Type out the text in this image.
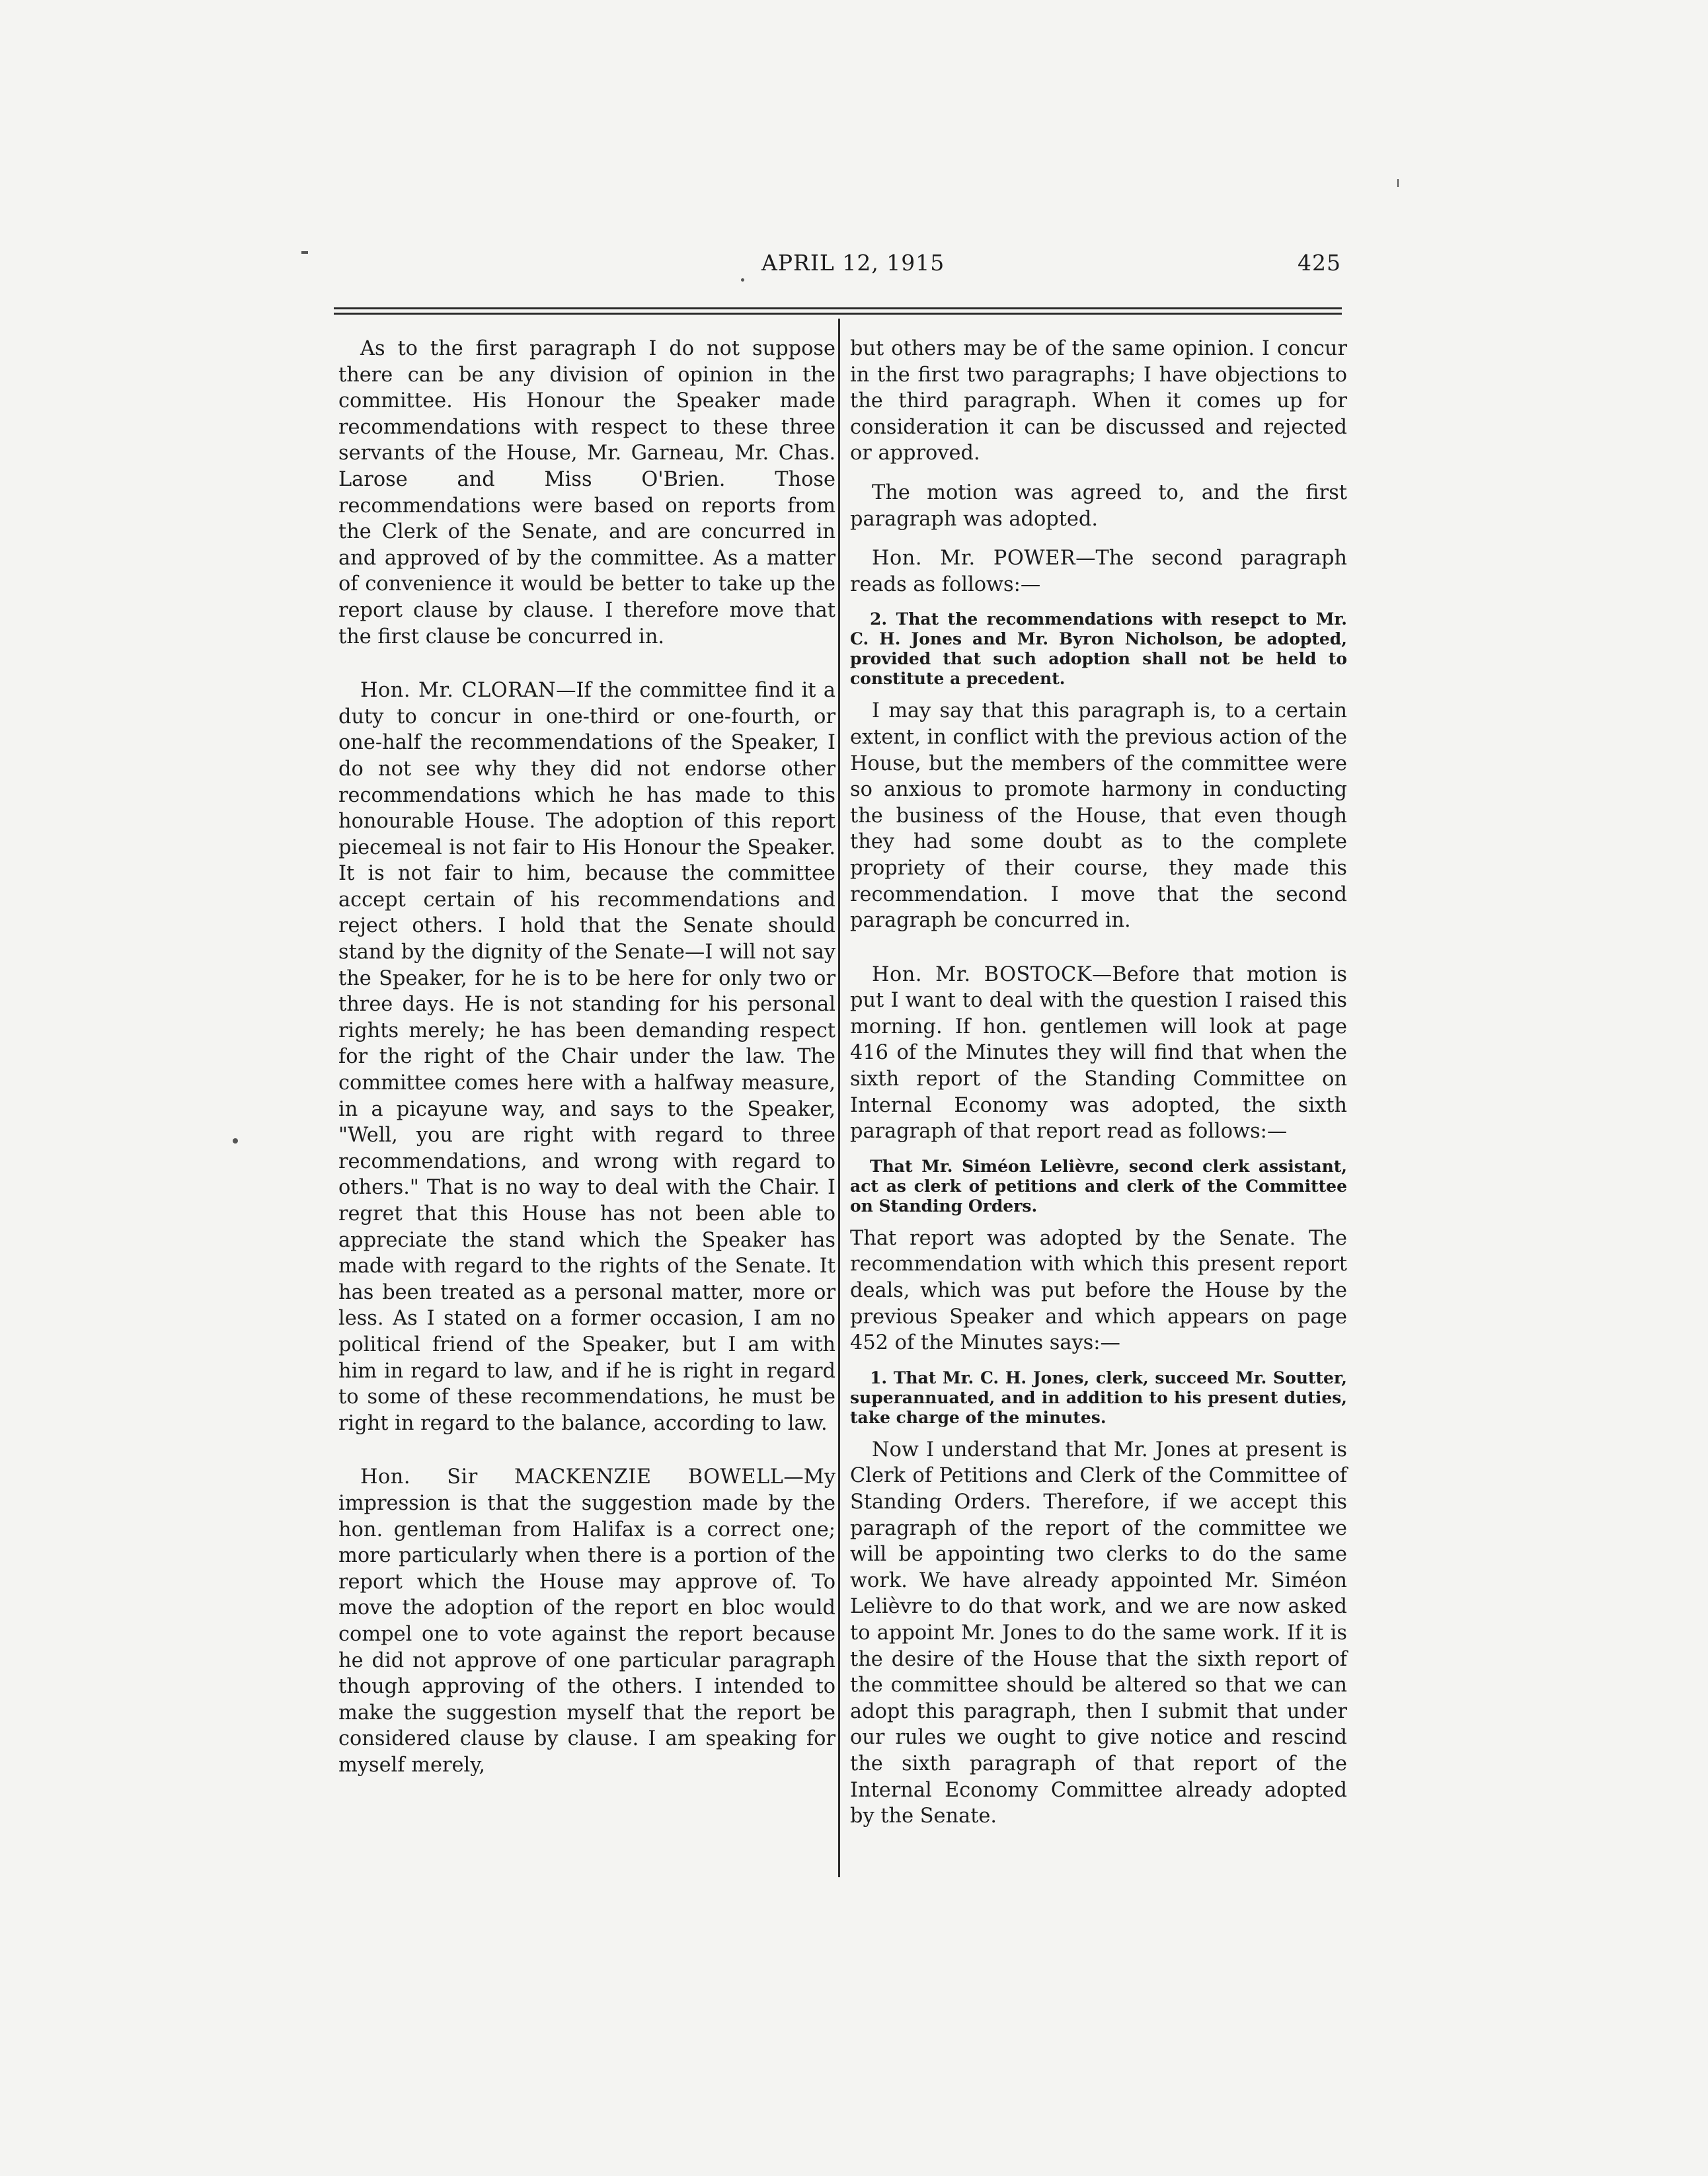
APRIL 12, 1915	425

As to the first paragraph I do not suppose there can be any division of opinion in the committee. His Honour the Speaker made recommendations with respect to these three servants of the House, Mr. Garneau, Mr. Chas. Larose and Miss O'Brien. Those recommendations were based on reports from the Clerk of the Senate, and are concurred in and approved of by the committee. As a matter of convenience it would be better to take up the report clause by clause. I therefore move that the first clause be concurred in.

Hon. Mr. CLORAN—If the committee find it a duty to concur in one-third or one-fourth, or one-half the recommendations of the Speaker, I do not see why they did not endorse other recommendations which he has made to this honourable House. The adoption of this report piecemeal is not fair to His Honour the Speaker. It is not fair to him, because the committee accept certain of his recommendations and reject others. I hold that the Senate should stand by the dignity of the Senate—I will not say the Speaker, for he is to be here for only two or three days. He is not standing for his personal rights merely; he has been demanding respect for the right of the Chair under the law. The committee comes here with a halfway measure, in a picayune way, and says to the Speaker, "Well, you are right with regard to three recommendations, and wrong with regard to others." That is no way to deal with the Chair. I regret that this House has not been able to appreciate the stand which the Speaker has made with regard to the rights of the Senate. It has been treated as a personal matter, more or less. As I stated on a former occasion, I am no political friend of the Speaker, but I am with him in regard to law, and if he is right in regard to some of these recommendations, he must be right in regard to the balance, according to law.

Hon. Sir MACKENZIE BOWELL—My impression is that the suggestion made by the hon. gentleman from Halifax is a correct one; more particularly when there is a portion of the report which the House may approve of. To move the adoption of the report en bloc would compel one to vote against the report because he did not approve of one particular paragraph though approving of the others. I intended to make the suggestion myself that the report be considered clause by clause. I am speaking for myself merely,

but others may be of the same opinion. I concur in the first two paragraphs; I have objections to the third paragraph. When it comes up for consideration it can be discussed and rejected or approved.

The motion was agreed to, and the first paragraph was adopted.

Hon. Mr. POWER—The second paragraph reads as follows:—

2. That the recommendations with resepct to Mr. C. H. Jones and Mr. Byron Nicholson, be adopted, provided that such adoption shall not be held to constitute a precedent.

I may say that this paragraph is, to a certain extent, in conflict with the previous action of the House, but the members of the committee were so anxious to promote harmony in conducting the business of the House, that even though they had some doubt as to the complete propriety of their course, they made this recommendation. I move that the second paragraph be concurred in.

Hon. Mr. BOSTOCK—Before that motion is put I want to deal with the question I raised this morning. If hon. gentlemen will look at page 416 of the Minutes they will find that when the sixth report of the Standing Committee on Internal Economy was adopted, the sixth paragraph of that report read as follows:—

That Mr. Siméon Lelièvre, second clerk assistant, act as clerk of petitions and clerk of the Committee on Standing Orders.

That report was adopted by the Senate. The recommendation with which this present report deals, which was put before the House by the previous Speaker and which appears on page 452 of the Minutes says:—

1. That Mr. C. H. Jones, clerk, succeed Mr. Soutter, superannuated, and in addition to his present duties, take charge of the minutes.

Now I understand that Mr. Jones at present is Clerk of Petitions and Clerk of the Committee of Standing Orders. Therefore, if we accept this paragraph of the report of the committee we will be appointing two clerks to do the same work. We have already appointed Mr. Siméon Lelièvre to do that work, and we are now asked to appoint Mr. Jones to do the same work. If it is the desire of the House that the sixth report of the committee should be altered so that we can adopt this paragraph, then I submit that under our rules we ought to give notice and rescind the sixth paragraph of that report of the Internal Economy Committee already adopted by the Senate.
